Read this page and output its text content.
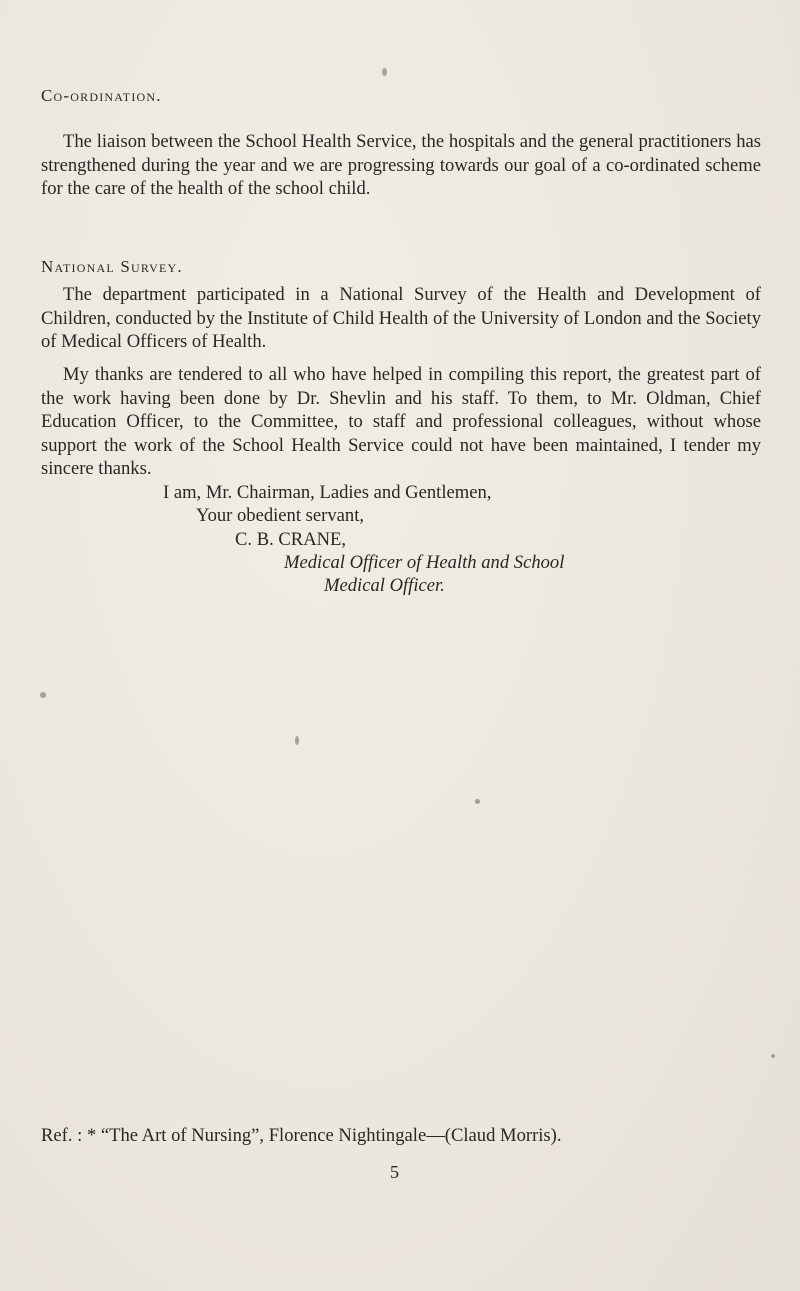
Co-ordination.

The liaison between the School Health Service, the hospitals and the general practitioners has strengthened during the year and we are progressing towards our goal of a co-ordinated scheme for the care of the health of the school child.

National Survey.

The department participated in a National Survey of the Health and Development of Children, conducted by the Institute of Child Health of the University of London and the Society of Medical Officers of Health.

My thanks are tendered to all who have helped in compiling this report, the greatest part of the work having been done by Dr. Shevlin and his staff. To them, to Mr. Oldman, Chief Education Officer, to the Committee, to staff and professional colleagues, without whose support the work of the School Health Service could not have been maintained, I tender my sincere thanks.

I am, Mr. Chairman, Ladies and Gentlemen,

Your obedient servant,

C. B. CRANE,

Medical Officer of Health and School

Medical Officer.

Ref. : * “The Art of Nursing”, Florence Nightingale—(Claud Morris).

5
